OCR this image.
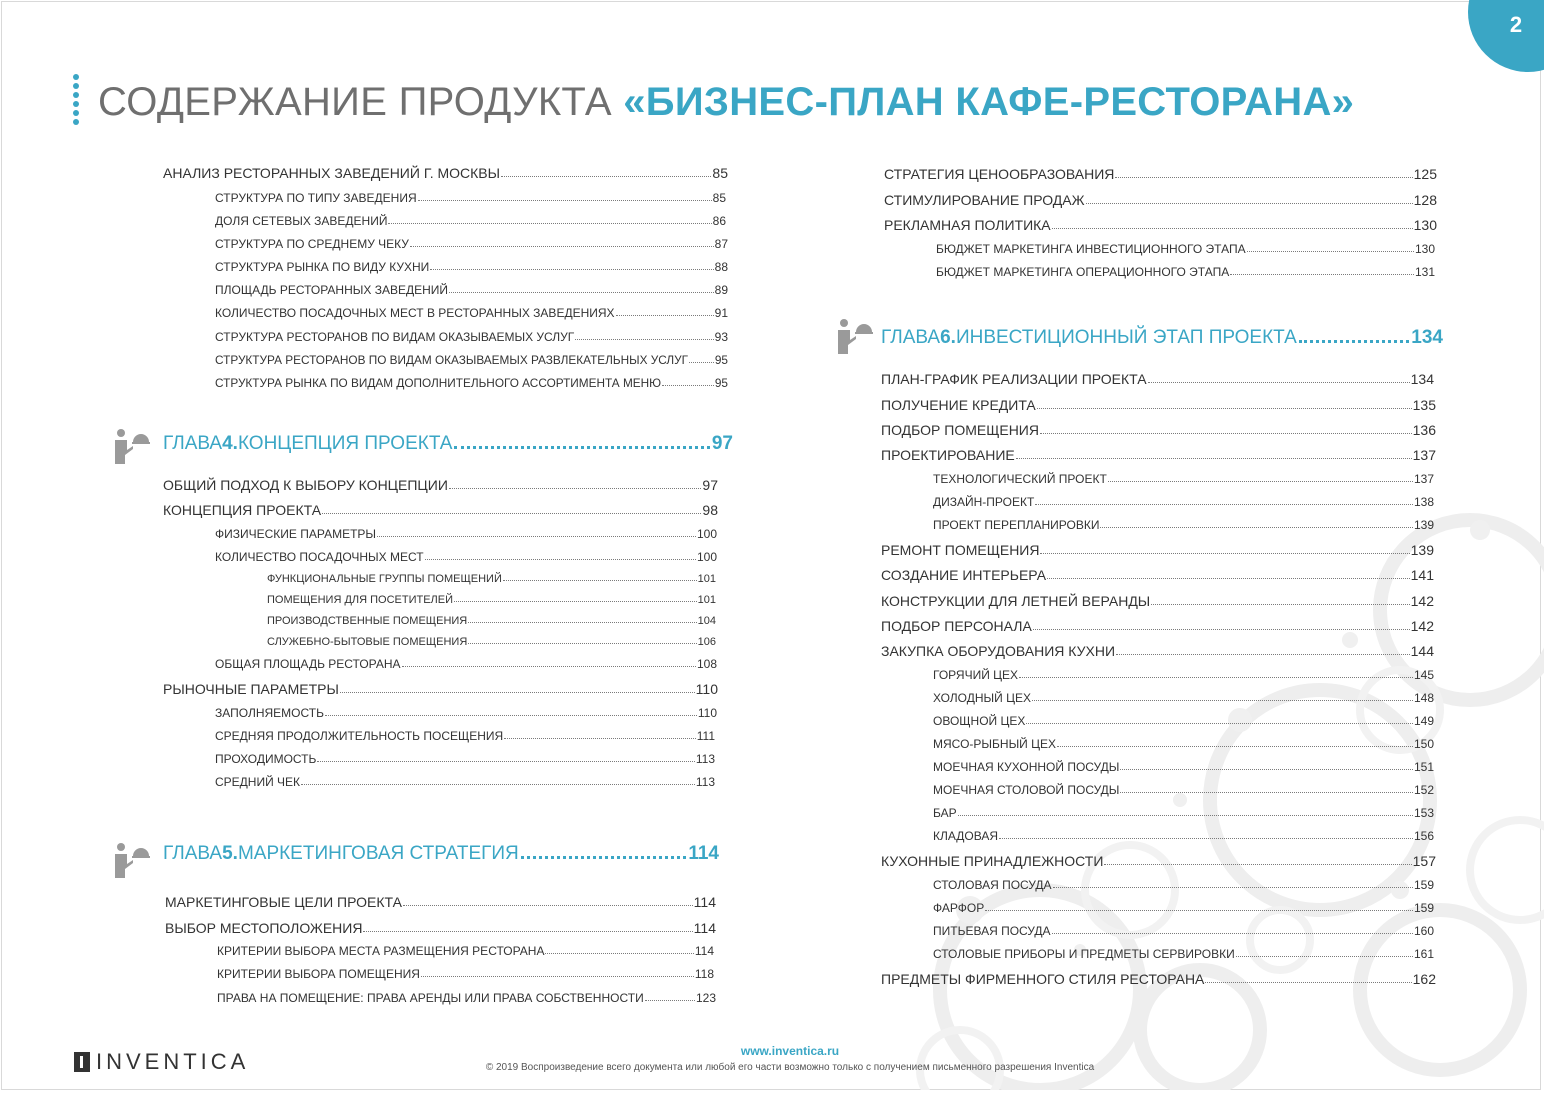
2
СОДЕРЖАНИЕ ПРОДУКТА «БИЗНЕС-ПЛАН КАФЕ-РЕСТОРАНА»
АНАЛИЗ РЕСТОРАННЫХ ЗАВЕДЕНИЙ Г. МОСКВЫ	85
СТРУКТУРА ПО ТИПУ ЗАВЕДЕНИЯ	85
ДОЛЯ СЕТЕВЫХ ЗАВЕДЕНИЙ	86
СТРУКТУРА ПО СРЕДНЕМУ ЧЕКУ	87
СТРУКТУРА РЫНКА ПО ВИДУ КУХНИ	88
ПЛОЩАДЬ РЕСТОРАННЫХ ЗАВЕДЕНИЙ	89
КОЛИЧЕСТВО ПОСАДОЧНЫХ МЕСТ В РЕСТОРАННЫХ ЗАВЕДЕНИЯХ	91
СТРУКТУРА РЕСТОРАНОВ ПО ВИДАМ ОКАЗЫВАЕМЫХ УСЛУГ	93
СТРУКТУРА РЕСТОРАНОВ ПО ВИДАМ ОКАЗЫВАЕМЫХ РАЗВЛЕКАТЕЛЬНЫХ УСЛУГ 95
СТРУКТУРА РЫНКА ПО ВИДАМ ДОПОЛНИТЕЛЬНОГО АССОРТИМЕНТА МЕНЮ	95
ГЛАВА 4. КОНЦЕПЦИЯ ПРОЕКТА	97
ОБЩИЙ ПОДХОД К ВЫБОРУ КОНЦЕПЦИИ	97
КОНЦЕПЦИЯ ПРОЕКТА	98
ФИЗИЧЕСКИЕ ПАРАМЕТРЫ	100
КОЛИЧЕСТВО ПОСАДОЧНЫХ МЕСТ	100
ФУНКЦИОНАЛЬНЫЕ ГРУППЫ ПОМЕЩЕНИЙ	101
ПОМЕЩЕНИЯ ДЛЯ ПОСЕТИТЕЛЕЙ	101
ПРОИЗВОДСТВЕННЫЕ ПОМЕЩЕНИЯ	104
СЛУЖЕБНО-БЫТОВЫЕ ПОМЕЩЕНИЯ	106
ОБЩАЯ ПЛОЩАДЬ РЕСТОРАНА	108
РЫНОЧНЫЕ ПАРАМЕТРЫ	110
ЗАПОЛНЯЕМОСТЬ	110
СРЕДНЯЯ ПРОДОЛЖИТЕЛЬНОСТЬ ПОСЕЩЕНИЯ	111
ПРОХОДИМОСТЬ	113
СРЕДНИЙ ЧЕК	113
ГЛАВА 5. МАРКЕТИНГОВАЯ СТРАТЕГИЯ	114
МАРКЕТИНГОВЫЕ ЦЕЛИ ПРОЕКТА	114
ВЫБОР МЕСТОПОЛОЖЕНИЯ	114
КРИТЕРИИ ВЫБОРА МЕСТА РАЗМЕЩЕНИЯ РЕСТОРАНА	114
КРИТЕРИИ ВЫБОРА ПОМЕЩЕНИЯ	118
ПРАВА НА ПОМЕЩЕНИЕ: ПРАВА АРЕНДЫ ИЛИ ПРАВА СОБСТВЕННОСТИ	123
СТРАТЕГИЯ ЦЕНООБРАЗОВАНИЯ	125
СТИМУЛИРОВАНИЕ ПРОДАЖ	128
РЕКЛАМНАЯ ПОЛИТИКА	130
БЮДЖЕТ МАРКЕТИНГА ИНВЕСТИЦИОННОГО ЭТАПА	130
БЮДЖЕТ МАРКЕТИНГА ОПЕРАЦИОННОГО ЭТАПА	131
ГЛАВА 6. ИНВЕСТИЦИОННЫЙ ЭТАП ПРОЕКТА	134
ПЛАН-ГРАФИК РЕАЛИЗАЦИИ ПРОЕКТА	134
ПОЛУЧЕНИЕ КРЕДИТА	135
ПОДБОР ПОМЕЩЕНИЯ	136
ПРОЕКТИРОВАНИЕ	137
ТЕХНОЛОГИЧЕСКИЙ ПРОЕКТ	137
ДИЗАЙН-ПРОЕКТ	138
ПРОЕКТ ПЕРЕПЛАНИРОВКИ	139
РЕМОНТ ПОМЕЩЕНИЯ	139
СОЗДАНИЕ ИНТЕРЬЕРА	141
КОНСТРУКЦИИ ДЛЯ ЛЕТНЕЙ ВЕРАНДЫ	142
ПОДБОР ПЕРСОНАЛА	142
ЗАКУПКА ОБОРУДОВАНИЯ КУХНИ	144
ГОРЯЧИЙ ЦЕХ	145
ХОЛОДНЫЙ ЦЕХ	148
ОВОЩНОЙ ЦЕХ	149
МЯСО-РЫБНЫЙ ЦЕХ	150
МОЕЧНАЯ КУХОННОЙ ПОСУДЫ	151
МОЕЧНАЯ СТОЛОВОЙ ПОСУДЫ	152
БАР	153
КЛАДОВАЯ	156
КУХОННЫЕ ПРИНАДЛЕЖНОСТИ	157
СТОЛОВАЯ ПОСУДА	159
ФАРФОР	159
ПИТЬЕВАЯ ПОСУДА	160
СТОЛОВЫЕ ПРИБОРЫ И ПРЕДМЕТЫ СЕРВИРОВКИ	161
ПРЕДМЕТЫ ФИРМЕННОГО СТИЛЯ РЕСТОРАНА	162
INVENTICA	www.inventica.ru
© 2019 Воспроизведение всего документа или любой его части возможно только с получением письменного разрешения Inventica
